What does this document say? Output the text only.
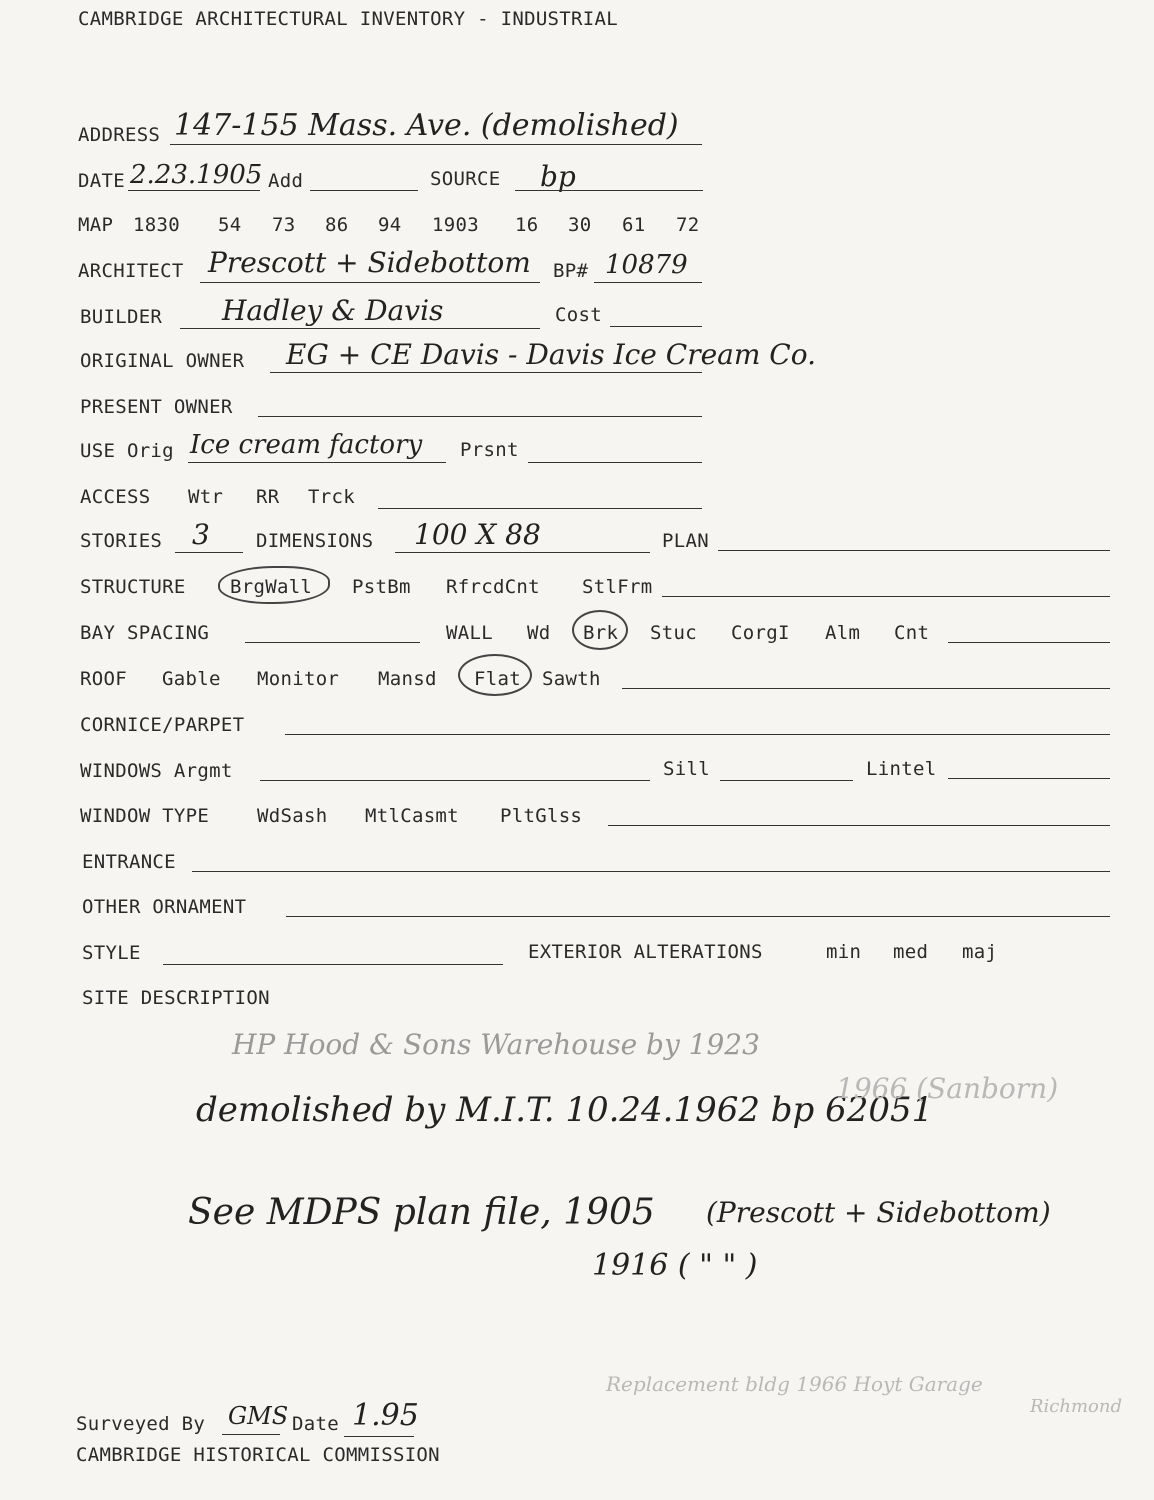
CAMBRIDGE ARCHITECTURAL INVENTORY - INDUSTRIAL
ADDRESS 147-155 Mass. Ave. (demolished)
DATE 2.23.1905 Add	SOURCE bp
MAP 1830 54 73 86 94 1903 16 30 61 72
ARCHITECT Prescott + Sidebottom BP# 10879
BUILDER Hadley & Davis	Cost
ORIGINAL OWNER EG + CE Davis - Davis Ice Cream Co.
PRESENT OWNER
USE Orig Ice cream factory Prsnt
ACCESS Wtr RR Trck
STORIES 3 DIMENSIONS 100 X 88	PLAN
STRUCTURE BrgWall PstBm RfrcdCnt StlFrm
BAY SPACING	WALL Wd Brk Stuc CorgI Alm Cnt
ROOF Gable Monitor Mansd Flat Sawth
CORNICE/PARPET
WINDOWS Argmt	Sill	Lintel
WINDOW TYPE	WdSash MtlCasmt PltGlss
ENTRANCE
OTHER ORNAMENT
STYLE	EXTERIOR ALTERATIONS	min med maj
SITE DESCRIPTION
HP Hood & Sons Warehouse by 1923
demolished by M.I.T. 10.24.1962 bp 62051
1966 (Sanborn)
See MDPS plan file, 1905 (Prescott + Sidebottom)
1916 ( " " )
Replacement bldg 1966 Hoyt Garage
Richmond
Surveyed By GMS Date 1.95
CAMBRIDGE HISTORICAL COMMISSION
